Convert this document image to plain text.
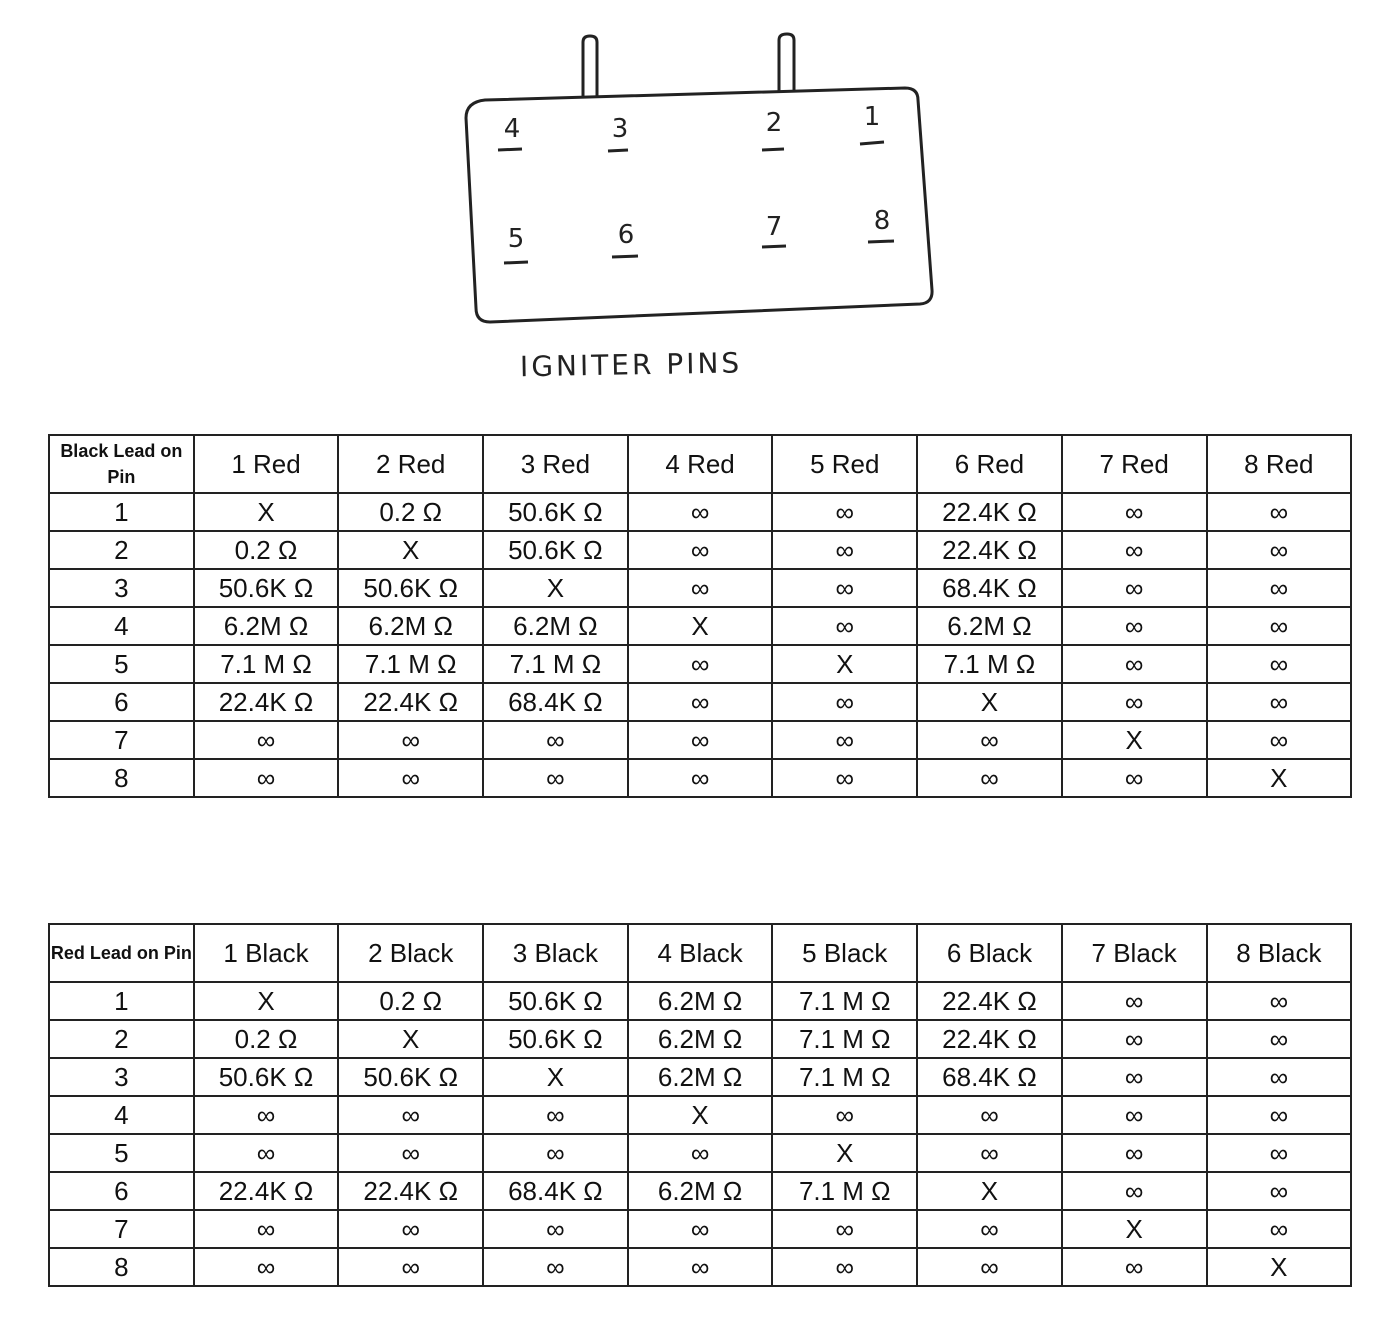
4	3	2	1
5	6	7	8
IGNITER PINS
Black Lead on Pin	1 Red	2 Red	3 Red	4 Red	5 Red	6 Red	7 Red	8 Red
1	X	0.2 Ω	50.6K Ω	∞	∞	22.4K Ω	∞	∞
2	0.2 Ω	X	50.6K Ω	∞	∞	22.4K Ω	∞	∞
3	50.6K Ω	50.6K Ω	X	∞	∞	68.4K Ω	∞	∞
4	6.2M Ω	6.2M Ω	6.2M Ω	X	∞	6.2M Ω	∞	∞
5	7.1 M Ω	7.1 M Ω	7.1 M Ω	∞	X	7.1 M Ω	∞	∞
6	22.4K Ω	22.4K Ω	68.4K Ω	∞	∞	X	∞	∞
7	∞	∞	∞	∞	∞	∞	X	∞
8	∞	∞	∞	∞	∞	∞	∞	X
Red Lead on Pin	1 Black	2 Black	3 Black	4 Black	5 Black	6 Black	7 Black	8 Black
1	X	0.2 Ω	50.6K Ω	6.2M Ω	7.1 M Ω	22.4K Ω	∞	∞
2	0.2 Ω	X	50.6K Ω	6.2M Ω	7.1 M Ω	22.4K Ω	∞	∞
3	50.6K Ω	50.6K Ω	X	6.2M Ω	7.1 M Ω	68.4K Ω	∞	∞
4	∞	∞	∞	X	∞	∞	∞	∞
5	∞	∞	∞	∞	X	∞	∞	∞
6	22.4K Ω	22.4K Ω	68.4K Ω	6.2M Ω	7.1 M Ω	X	∞	∞
7	∞	∞	∞	∞	∞	∞	X	∞
8	∞	∞	∞	∞	∞	∞	∞	X
